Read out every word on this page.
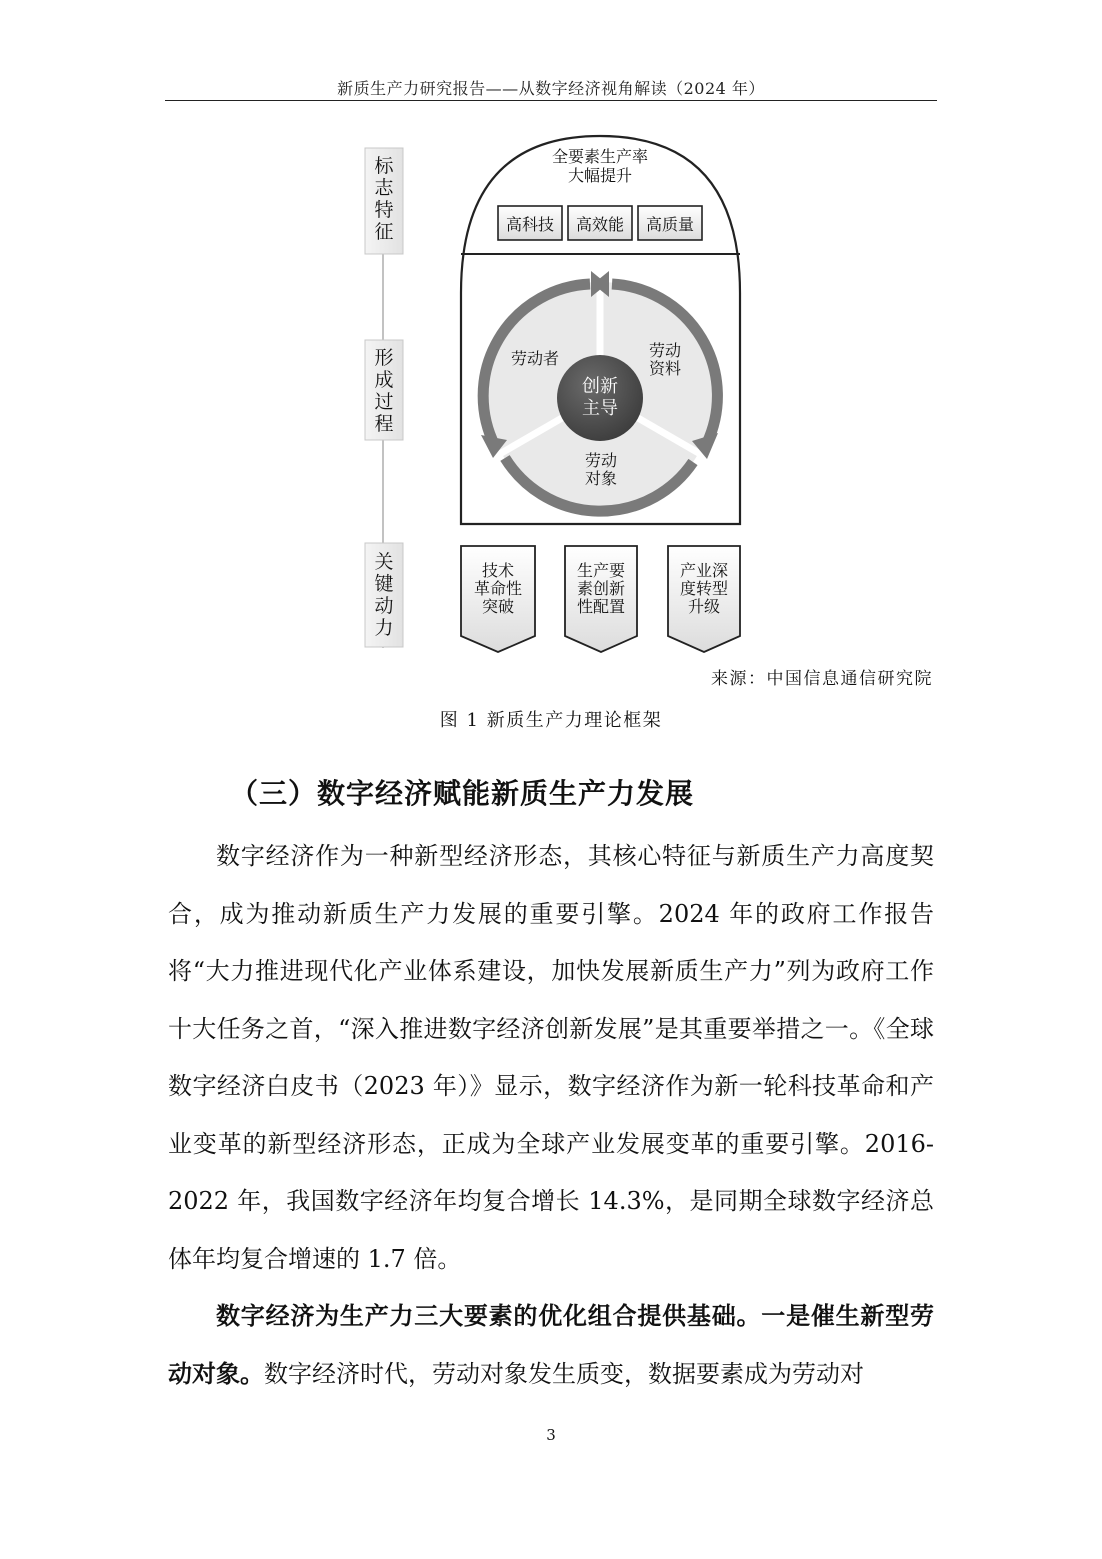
新质生产力研究报告——从数字经济视角解读（2024 年）
标志特征
形成过程
关键动力
全要素生产率
大幅提升
高科技 高效能 高质量
创新
主导
劳动者	劳动
资料
劳动
对象
技术
革命性
突破
生产要
素创新
性配置
产业深
度转型
升级
来源：中国信息通信研究院
图 1 新质生产力理论框架
（三）数字经济赋能新质生产力发展

数字经济作为一种新型经济形态，其核心特征与新质生产力高度契合，成为推动新质生产力发展的重要引擎。2024 年的政府工作报告将“大力推进现代化产业体系建设，加快发展新质生产力”列为政府工作十大任务之首，“深入推进数字经济创新发展”是其重要举措之一。《全球数字经济白皮书（2023 年）》显示，数字经济作为新一轮科技革命和产业变革的新型经济形态，正成为全球产业发展变革的重要引擎。2016-2022 年，我国数字经济年均复合增长 14.3%，是同期全球数字经济总体年均复合增速的 1.7 倍。

数字经济为生产力三大要素的优化组合提供基础。一是催生新型劳动对象。数字经济时代，劳动对象发生质变，数据要素成为劳动对

3
